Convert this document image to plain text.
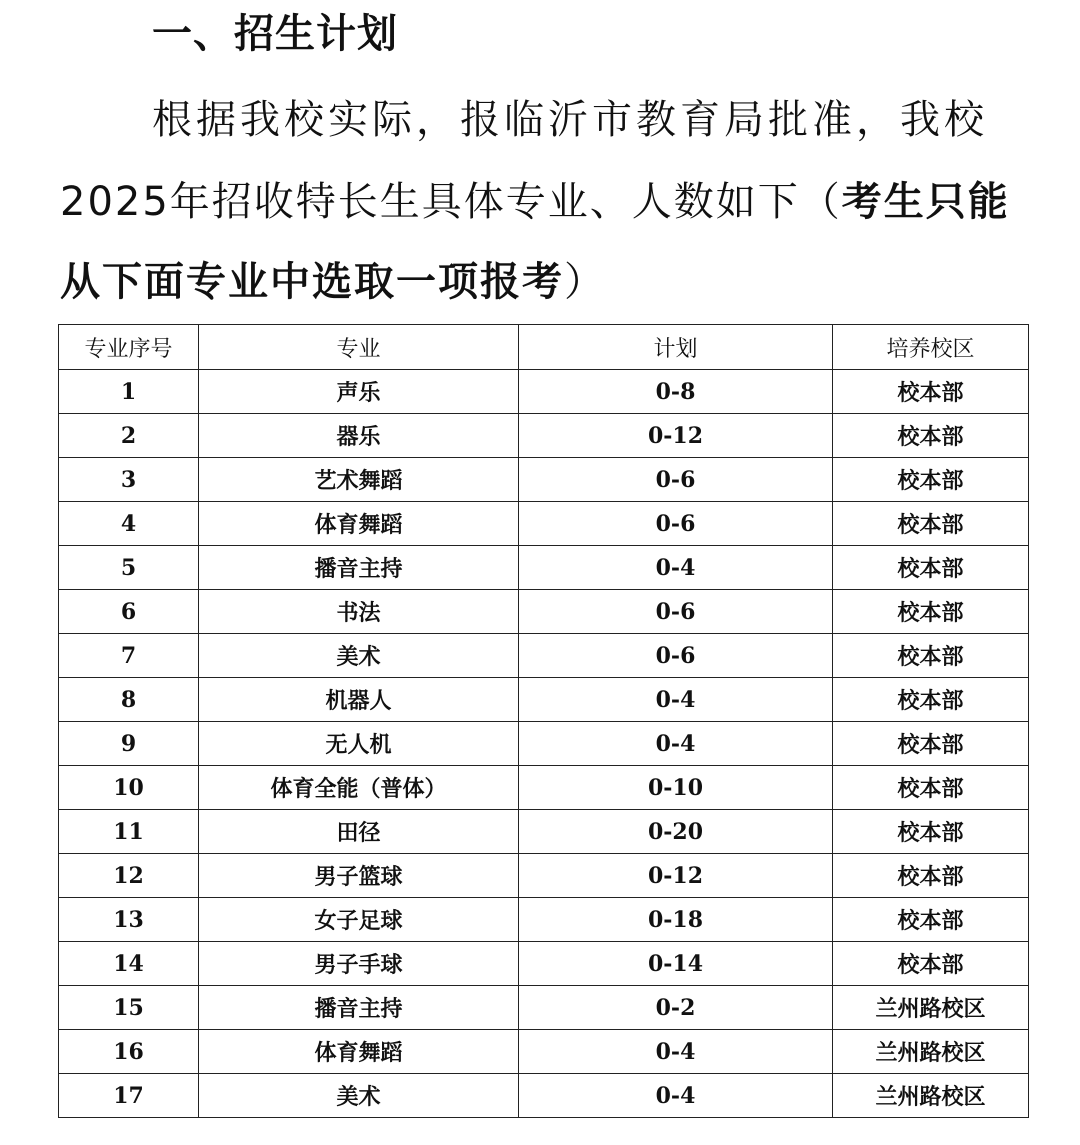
一、招生计划
根据我校实际，报临沂市教育局批准，我校
2025年招收特长生具体专业、人数如下（考生只能
从下面专业中选取一项报考）
专业序号	专业	计划	培养校区
1	声乐	0-8	校本部
2	器乐	0-12	校本部
3	艺术舞蹈	0-6	校本部
4	体育舞蹈	0-6	校本部
5	播音主持	0-4	校本部
6	书法	0-6	校本部
7	美术	0-6	校本部
8	机器人	0-4	校本部
9	无人机	0-4	校本部
10	体育全能（普体）	0-10	校本部
11	田径	0-20	校本部
12	男子篮球	0-12	校本部
13	女子足球	0-18	校本部
14	男子手球	0-14	校本部
15	播音主持	0-2	兰州路校区
16	体育舞蹈	0-4	兰州路校区
17	美术	0-4	兰州路校区
